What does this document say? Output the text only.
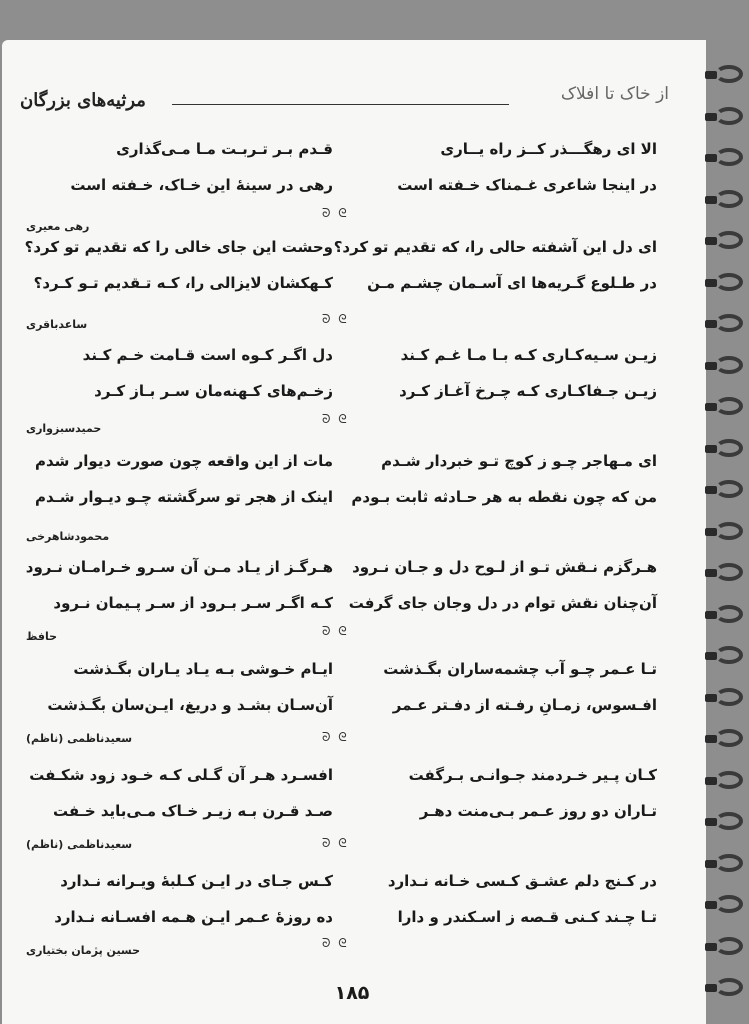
از خاک تا افلاک
مرثیه‌های بزرگان
الا ای رهگـــذر کــز راه یــاری
قـدم بـر تـربـت مـا مـی‌گذاری
در اینجا شاعری غـمناک خـفته است
رهی در سینهٔ این خـاک، خـفته است
ᘐ ᘓ
رهی معیری
ای دل این آشفته حالی را، که تقدیم تو کرد؟
وحشت این جای خالی را که تقدیم تو کرد؟
در طـلوع گـریه‌ها ای آسـمان چشـم مـن
کـهکشان لایزالی را، کـه تـقدیم تـو کـرد؟
ᘐ ᘓ
ساعدباقری
زیـن سـیه‌کـاری کـه بـا مـا غـم کـند
دل اگـر کـوه است قـامت خـم کـند
زیـن جـفاکـاری کـه چـرخ آغـاز کـرد
زخـم‌های کـهنه‌مان سـر بـاز کـرد
ᘐ ᘓ
حمیدسبزواری
ای مـهاجر چـو ز کوچ تـو خبردار شـدم
مات از این واقعه چون صورت دیوار شدم
من که چون نقطه به هر حـادثه ثابت بـودم
اینک از هجر تو سرگشته چـو دیـوار شـدم
محمودشاهرخی
هـرگزم نـقش تـو از لـوح دل و جـان نـرود
هـرگـز از یـاد مـن آن سـرو خـرامـان نـرود
آن‌چنان نقش توام در دل وجان جای گرفت
کـه اگـر سـر بـرود از سـر پـیمان نـرود
ᘐ ᘓ
حافظ
تـا عـمر چـو آب چشمه‌ساران بگـذشت
ایـام خـوشی بـه یـاد یـاران بگـذشت
افـسوس، زمـانِ رفـته از دفـتر عـمر
آن‌سـان بشـد و دریغ، ایـن‌سان بگـذشت
ᘐ ᘓ
سعیدناظمی (ناظم)
کـان پـیر خـردمند جـوانـی بـرگفت
افسـرد هـر آن گـلی کـه خـود زود شکـفت
تـاران دو روز عـمر بـی‌منت دهـر
صـد قـرن بـه زیـر خـاک مـی‌باید خـفت
ᘐ ᘓ
سعیدناظمی (ناظم)
در کـنج دلم عشـق کـسی خـانه نـدارد
کـس جـای در ایـن کـلبهٔ ویـرانه نـدارد
تـا چـند کـنی قـصه ز اسـکندر و دارا
ده روزهٔ عـمر ایـن هـمه افسـانه نـدارد
ᘐ ᘓ
حسین پژمان بختیاری
۱۸۵
